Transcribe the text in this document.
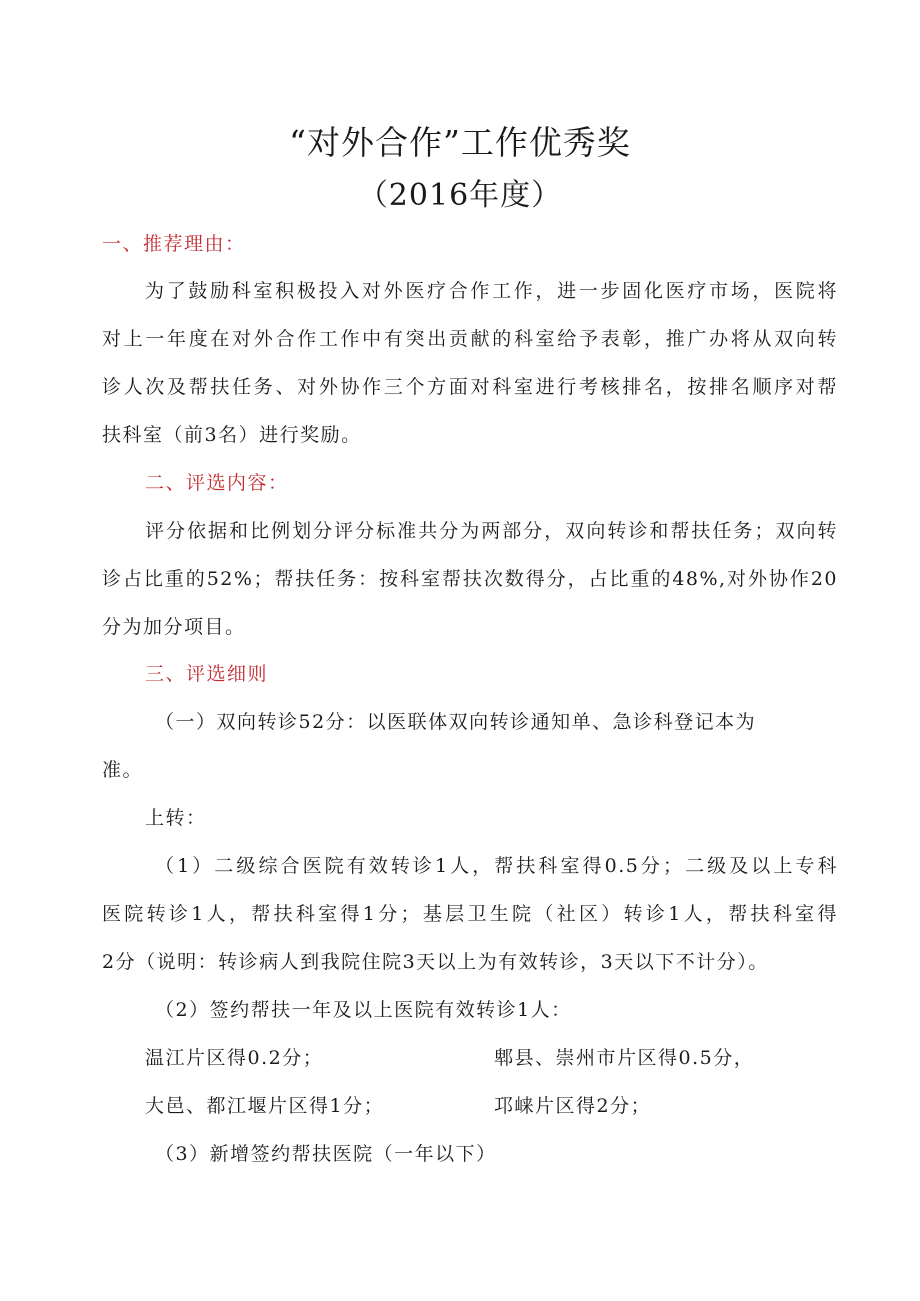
“对外合作”工作优秀奖
（2016年度）
一、推荐理由：
为了鼓励科室积极投入对外医疗合作工作，进一步固化医疗市场，医院将
对上一年度在对外合作工作中有突出贡献的科室给予表彰，推广办将从双向转
诊人次及帮扶任务、对外协作三个方面对科室进行考核排名，按排名顺序对帮
扶科室（前3名）进行奖励。
二、评选内容：
评分依据和比例划分评分标准共分为两部分，双向转诊和帮扶任务；双向转
诊占比重的52%；帮扶任务：按科室帮扶次数得分，占比重的48%,对外协作20
分为加分项目。
三、评选细则
（一）双向转诊52分：以医联体双向转诊通知单、急诊科登记本为
准。
上转：
（1）二级综合医院有效转诊1人，帮扶科室得0.5分；二级及以上专科
医院转诊1人，帮扶科室得1分；基层卫生院（社区）转诊1人，帮扶科室得
2分（说明：转诊病人到我院住院3天以上为有效转诊，3天以下不计分）。
（2）签约帮扶一年及以上医院有效转诊1人：
温江片区得0.2分；	郫县、崇州市片区得0.5分，
大邑、都江堰片区得1分；	邛崃片区得2分；
（3）新增签约帮扶医院（一年以下）
